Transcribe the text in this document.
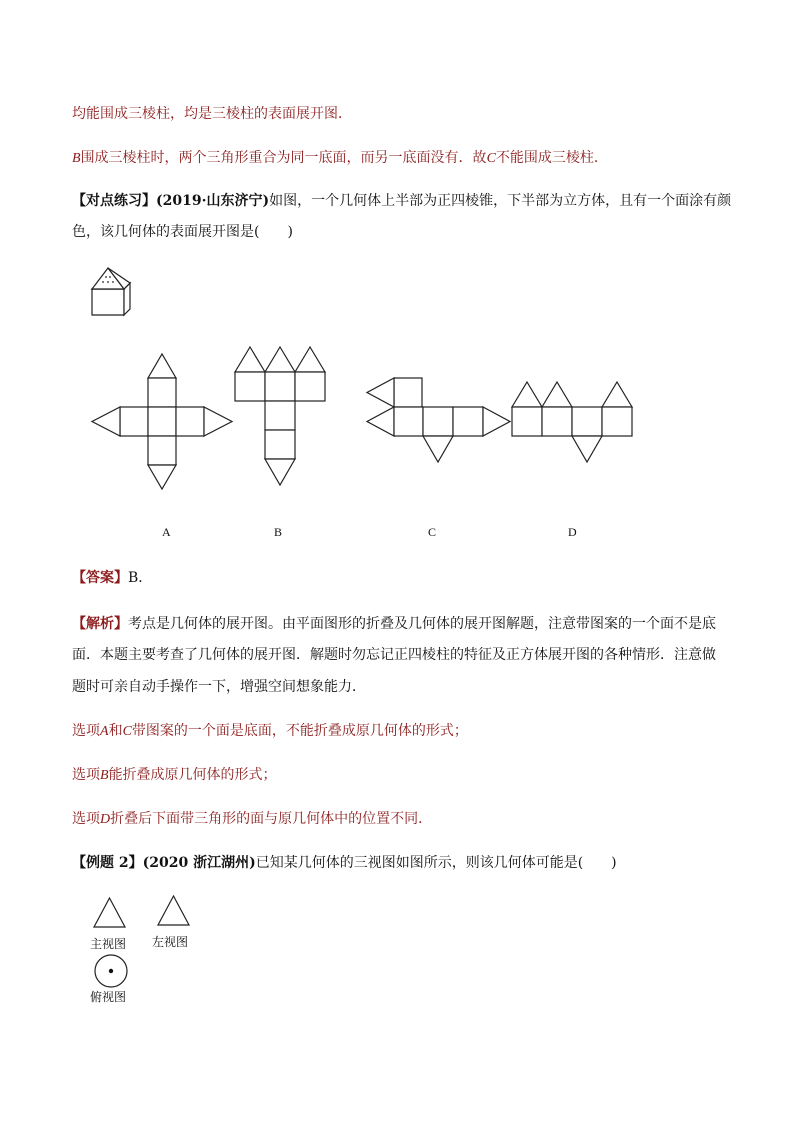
均能围成三棱柱，均是三棱柱的表面展开图．
B围成三棱柱时，两个三角形重合为同一底面，而另一底面没有．故C不能围成三棱柱．
【对点练习】(2019·山东济宁)如图，一个几何体上半部为正四棱锥，下半部为立方体，且有一个面涂有颜
色，该几何体的表面展开图是(　　)
A	B	C	D
【答案】B．
【解析】考点是几何体的展开图。由平面图形的折叠及几何体的展开图解题，注意带图案的一个面不是底
面．本题主要考查了几何体的展开图．解题时勿忘记正四棱柱的特征及正方体展开图的各种情形．注意做
题时可亲自动手操作一下，增强空间想象能力．
选项A和C带图案的一个面是底面，不能折叠成原几何体的形式；
选项B能折叠成原几何体的形式；
选项D折叠后下面带三角形的面与原几何体中的位置不同．
【例题 2】(2020 浙江湖州)已知某几何体的三视图如图所示，则该几何体可能是(　　)
主视图 左视图
俯视图
